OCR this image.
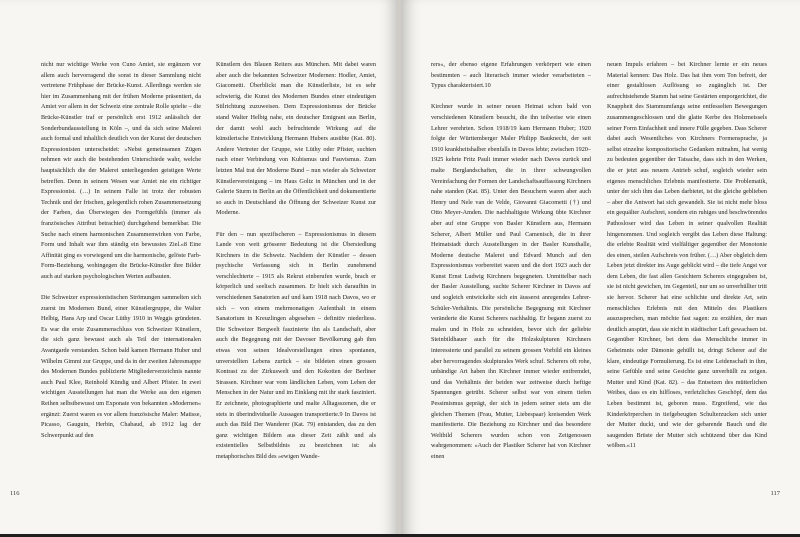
nicht nur wichtige Werke von Cuno Amiet, sie ergänzen vor allem auch hervorragend die sonst in dieser Sammlung nicht vertretene Frühphase der Brücke-Kunst. Allerdings werden sie hier im Zusammenhang mit der frühen Moderne präsentiert, da Amiet vor allem in der Schweiz eine zentrale Rolle spielte – die Brücke-Künstler traf er persönlich erst 1912 anlässlich der Sonderbundausstellung in Köln –, und da sich seine Malerei auch formal und inhaltlich deutlich von der Kunst der deutschen Expressionisten unterscheidet: »Nebst gemeinsamen Zügen nehmen wir auch die bestehenden Unterschiede wahr, welche hauptsächlich die der Malerei unterliegenden geistigen Werte betreffen. Denn in seinem Wesen war Amiet nie ein richtiger Expressionist. (…) In seinem Falle ist trotz der robusten Technik und der frischen, gelegentlich rohen Zusammensetzung der Farben, das Überwiegen des Formgefühls (immer als französisches Attribut betrachtet) durchgehend bemerkbar. Die Suche nach einem harmonischen Zusammenwirken von Farbe, Form und Inhalt war ihm ständig ein bewusstes Ziel.«8 Eine Affinität ging es vorwiegend um die harmonische, gelöste Farb-Form-Beziehung, wohingegen die Brücke-Künstler ihre Bilder auch auf starken psychologischen Werten aufbauten.

Die Schweizer expressionistischen Strömungen sammelten sich zuerst im Modernen Bund, einer Künstlergruppe, die Walter Helbig, Hans Arp und Oscar Lüthy 1910 in Weggis gründeten. Es war die erste Zusammenschluss von Schweizer Künstlern, die sich ganz bewusst auch als Teil der internationalen Avantgarde verstanden. Schon bald kamen Hermann Huber und Wilhelm Gimmi zur Gruppe, und da in der zweiten Jahresmappe des Modernen Bundes publizierte Mitgliederverzeichnis nannte auch Paul Klee, Reinhold Kündig und Albert Pfister. In zwei wichtigen Ausstellungen hat man die Werke aus den eigenen Reihen selbstbewusst um Exponate von bekannten »Modernen« ergänzt: Zuerst waren es vor allem französische Maler: Matisse, Picasso, Gauguin, Herbin, Chabaud, ab 1912 lag der Schwerpunkt auf den

Künstlern des Blauen Reiters aus München. Mit dabei waren aber auch die bekannten Schweizer Modernen: Hodler, Amiet, Giacometti. Überblickt man die Künstlerliste, ist es sehr schwierig, die Kunst des Modernen Bundes einer eindeutigen Stilrichtung zuzuweisen. Dem Expressionismus der Brücke stand Walter Helbig nahe, ein deutscher Emigrant aus Berlin, der damit wohl auch befruchtende Wirkung auf die künstlerische Entwicklung Hermann Hubers ausübte (Kat. 80). Andere Vertreter der Gruppe, wie Lüthy oder Pfister, suchten nach einer Verbindung von Kubismus und Fauvismus. Zum letzten Mal trat der Moderne Bund – nun wieder als Schweizer Künstlervereinigung – im Haus Goltz in München und in der Galerie Sturm in Berlin an die Öffentlichkeit und dokumentierte so auch in Deutschland die Öffnung der Schweizer Kunst zur Moderne.

Für den – nun spezifischeren – Expressionismus in diesem Lande von weit grösserer Bedeutung ist die Übersiedlung Kirchners in die Schweiz. Nachdem der Künstler – dessen psychische Verfassung sich in Berlin zunehmend verschlechterte – 1915 als Rekrut einberufen wurde, brach er körperlich und seelisch zusammen. Er hielt sich daraufhin in verschiedenen Sanatorien auf und kam 1918 nach Davos, wo er sich – von einem mehrmonatigen Aufenthalt in einem Sanatorium in Kreuzlingen abgesehen – definitiv niederliess. Die Schweizer Bergwelt faszinierte ihn als Landschaft, aber auch die Begegnung mit der Davoser Bevölkerung gab ihm etwas von seinen Idealvorstellungen eines spontanen, unverstellten Lebens zurück – sie bildeten einen grossen Kontrast zu der Zirkuswelt und den Kokotten der Berliner Strassen. Kirchner war vom ländlichen Leben, vom Leben der Menschen in der Natur und im Einklang mit ihr stark fasziniert. Er zeichnete, photographierte und malte Alltagsszenen, die er stets in überindividuelle Aussagen transportierte.9 In Davos ist auch das Bild Der Wanderer (Kat. 79) entstanden, das zu den ganz wichtigen Bildern aus dieser Zeit zählt und als existentielles Selbstbildnis zu bezeichnen ist: als metaphorisches Bild des »ewigen Wande-

116

rers«, der ebenso eigene Erfahrungen verkörpert wie einen bestimmten – auch literarisch immer wieder verarbeiteten – Typus charakterisiert.10

Kirchner wurde in seiner neuen Heimat schon bald von verschiedenen Künstlern besucht, die ihn teilweise wie einen Lehrer verehrten. Schon 1918/19 kam Hermann Huber; 1920 folgte der Württemberger Maler Philipp Bauknecht, der seit 1910 krankheitshalber ebenfalls in Davos lebte; zwischen 1920–1925 kehrte Fritz Pauli immer wieder nach Davos zurück und malte Berglandschaften, die in ihrer schwungvollen Vereinfachung der Formen der Landschaftsauffassung Kirchners nahe standen (Kat. 85). Unter den Besuchern waren aber auch Henry und Nele van de Velde, Giovanni Giacometti (†) und Otto Meyer-Amden. Die nachhaltigste Wirkung übte Kirchner aber auf eine Gruppe von Basler Künstlern aus, Hermann Scherer, Albert Müller und Paul Camenisch, die in ihrer Heimatstadt durch Ausstellungen in der Basler Kunsthalle, Moderne deutsche Malerei und Edvard Munch auf den Expressionismus vorbereitet waren und die dort 1923 auch der Kunst Ernst Ludwig Kirchners begegneten. Unmittelbar nach der Basler Ausstellung, suchte Scherer Kirchner in Davos auf und sogleich entwickelte sich ein äusserst anregendes Lehrer-Schüler-Verhältnis. Die persönliche Begegnung mit Kirchner veränderte die Kunst Scherers nachhaltig. Er begann zuerst zu malen und in Holz zu schneiden, bevor sich der geliebte Steinbildhauer auch für die Holzskulpturen Kirchners interessierte und parallel zu seinem grossen Vorbild ein kleines aber hervorragendes skulpturales Werk schuf. Scherers oft rohe, unbändige Art haben ihn Kirchner immer wieder entfremdet, und das Verhältnis der beiden war zeitweise durch heftige Spannungen getrübt. Scherer selbst war von einem tiefen Pessimismus geprägt, der sich in jedem seiner stets um die gleichen Themen (Frau, Mutter, Liebespaar) kreisenden Werk manifestierte. Die Beziehung zu Kirchner und das besondere Weltbild Scherers wurden schon von Zeitgenossen wahrgenommen: »Auch der Plastiker Scherer hat von Kirchner einen

neuen Impuls erfahren – bei Kirchner lernte er ein neues Material kennen: Das Holz. Das hat ihm vom Ton befreit, der einer gestaltlosen Auflösung so zugänglich ist. Der aufrechtstehende Stamm hat seine Gestärten emporgerichtet, die Knappheit des Stammumfangs seine entfesselten Bewegungen zusammengeschlossen und die glatte Kerbe des Holzmeissels seiner Form Einfachheit und innere Fülle gegeben. Dass Scherer dabei auch Wesentliches von Kirchners Formensprache, ja selbst einzelne kompositorische Gedanken mitnahm, hat wenig zu bedeuten gegenüber der Tatsache, dass sich in den Werken, die er jetzt aus neuem Antrieb schuf, sogleich wieder sein eigenes menschliches Erlebnis manifestierte. Die Problematik, unter der sich ihm das Leben darbietet, ist die gleiche geblieben – aber die Antwort hat sich gewandelt. Sie ist nicht mehr bloss ein gequälter Aufschrei, sondern ein ruhiges und beschwörendes Pathosloser wird das Leben in seiner qualvollen Realität hingenommen. Und sogleich vergibt das Leben diese Haltung: die erlebte Realität wird vielfältiger gegenüber der Monotonie des einen, steilen Aufschreis von früher. (…) Aber obgleich dem Leben jetzt direkter ins Auge geblickt wird – die tiefe Angst vor dem Leben, die fast allen Gesichtern Scherers eingegraben ist, sie ist nicht gewichen, im Gegenteil, nur um so unverhüllter tritt sie hervor. Scherer hat eine schlichte und direkte Art, sein menschliches Erlebnis mit den Mitteln des Plastikers auszusprechen, man möchte fast sagen: zu erzählen, der man deutlich anspürt, dass sie nicht in städtischer Luft gewachsen ist. Gegenüber Kirchner, bei dem das Menschliche immer in Geheimnis oder Dämonie gehüllt ist, dringt Scherer auf die klare, eindeutige Formulierung. Es ist eine Leidenschaft in ihm, seine Gefühle und seine Gesichte ganz unverhüllt zu zeigen. Mutter und Kind (Kat. 82). – das Entsetzen des mütterlichen Weibes, dass es ein hilfloses, verletzliches Geschöpf, dem das Leben bestimmt ist, geboren muss. Ergreifend, wie das Kinderkörperchen in tiefgebeugten Schulterzucken sich unter der Mutter duckt, und wie der gebarende Bauch und die saugenden Brüste der Mutter sich schützend über das Kind wölben.«11

117
